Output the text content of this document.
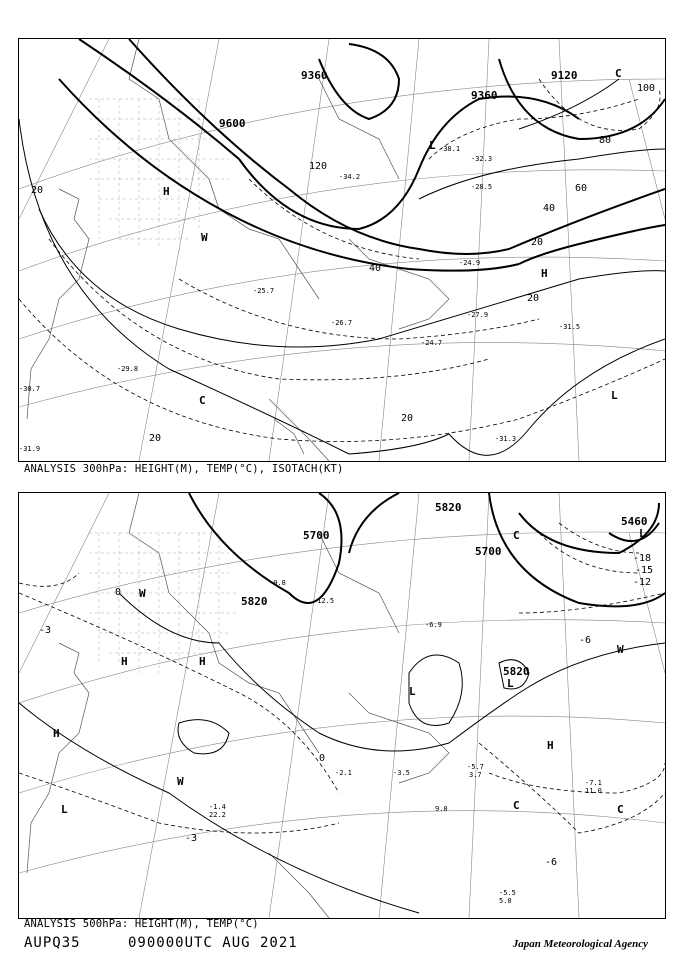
9360	9120
9600
9360
20
20
20
20
20
40
40
60
80
100
120
H
H
L
L
C
C
W
-31.5
-27.9
-24.7
-26.7
-25.7
-29.8
-31.9
-30.7
-24.9
-34.2
-38.1
-32.3
-28.5
-31.3
ANALYSIS 300hPa: HEIGHT(M), TEMP(°C), ISOTACH(KT)
5820
5700
5460
5700
5820
5820
-3
-3
-6
-6
-12
-15
-18
0
0
H	H
H
H
L
L
L
L
C	C
C
W
W
W
-5.7
-5.5
-7.1
-1.4
-2.1	-3.5
-12.5
-9.8
-6.9
3.7
9.0
5.0
11.0
22.2
ANALYSIS 500hPa: HEIGHT(M), TEMP(°C)
AUPQ35	090000UTC AUG 2021	Japan Meteorological Agency
